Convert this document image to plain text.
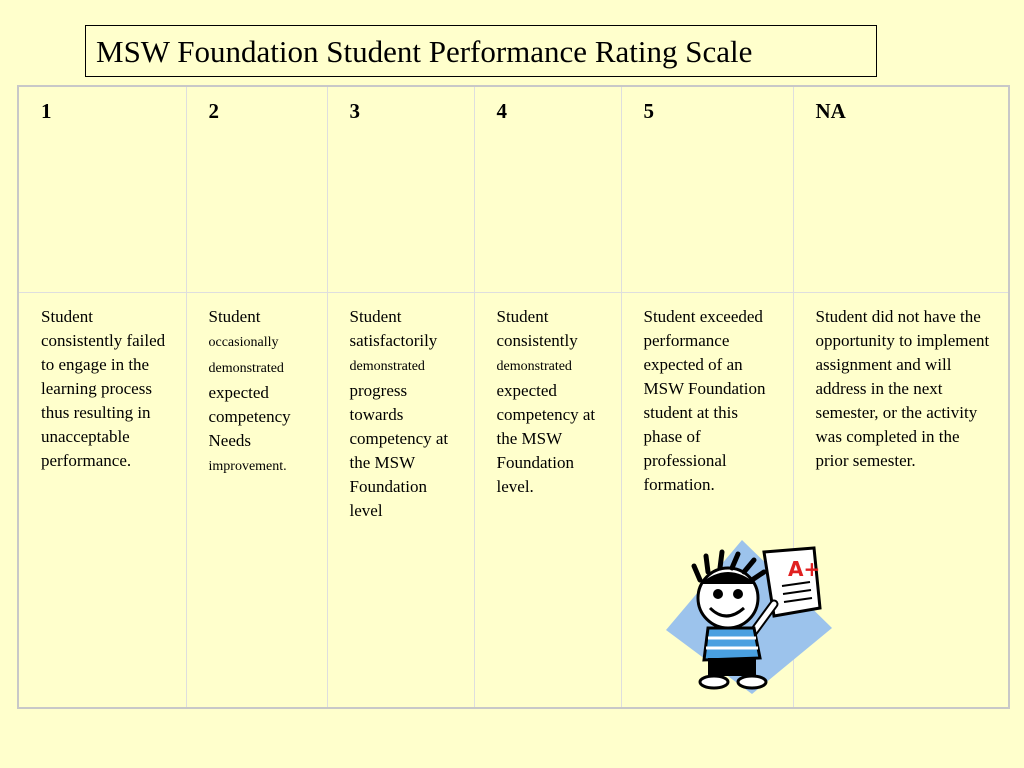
MSW Foundation Student Performance Rating Scale
1	2	3	4	5	NA
Student consistently failed to engage in the learning process thus resulting in unacceptable performance.	Student occasionally demonstrated expected competency Needs improvement.	Student satisfactorily demonstrated progress towards competency at the MSW Foundation level	Student consistently demonstrated expected competency at the MSW Foundation level.	Student exceeded performance expected of an MSW Foundation student at this phase of professional formation.	Student did not have the opportunity to implement assignment and will address in the next semester, or the activity was completed in the prior semester.
A+
